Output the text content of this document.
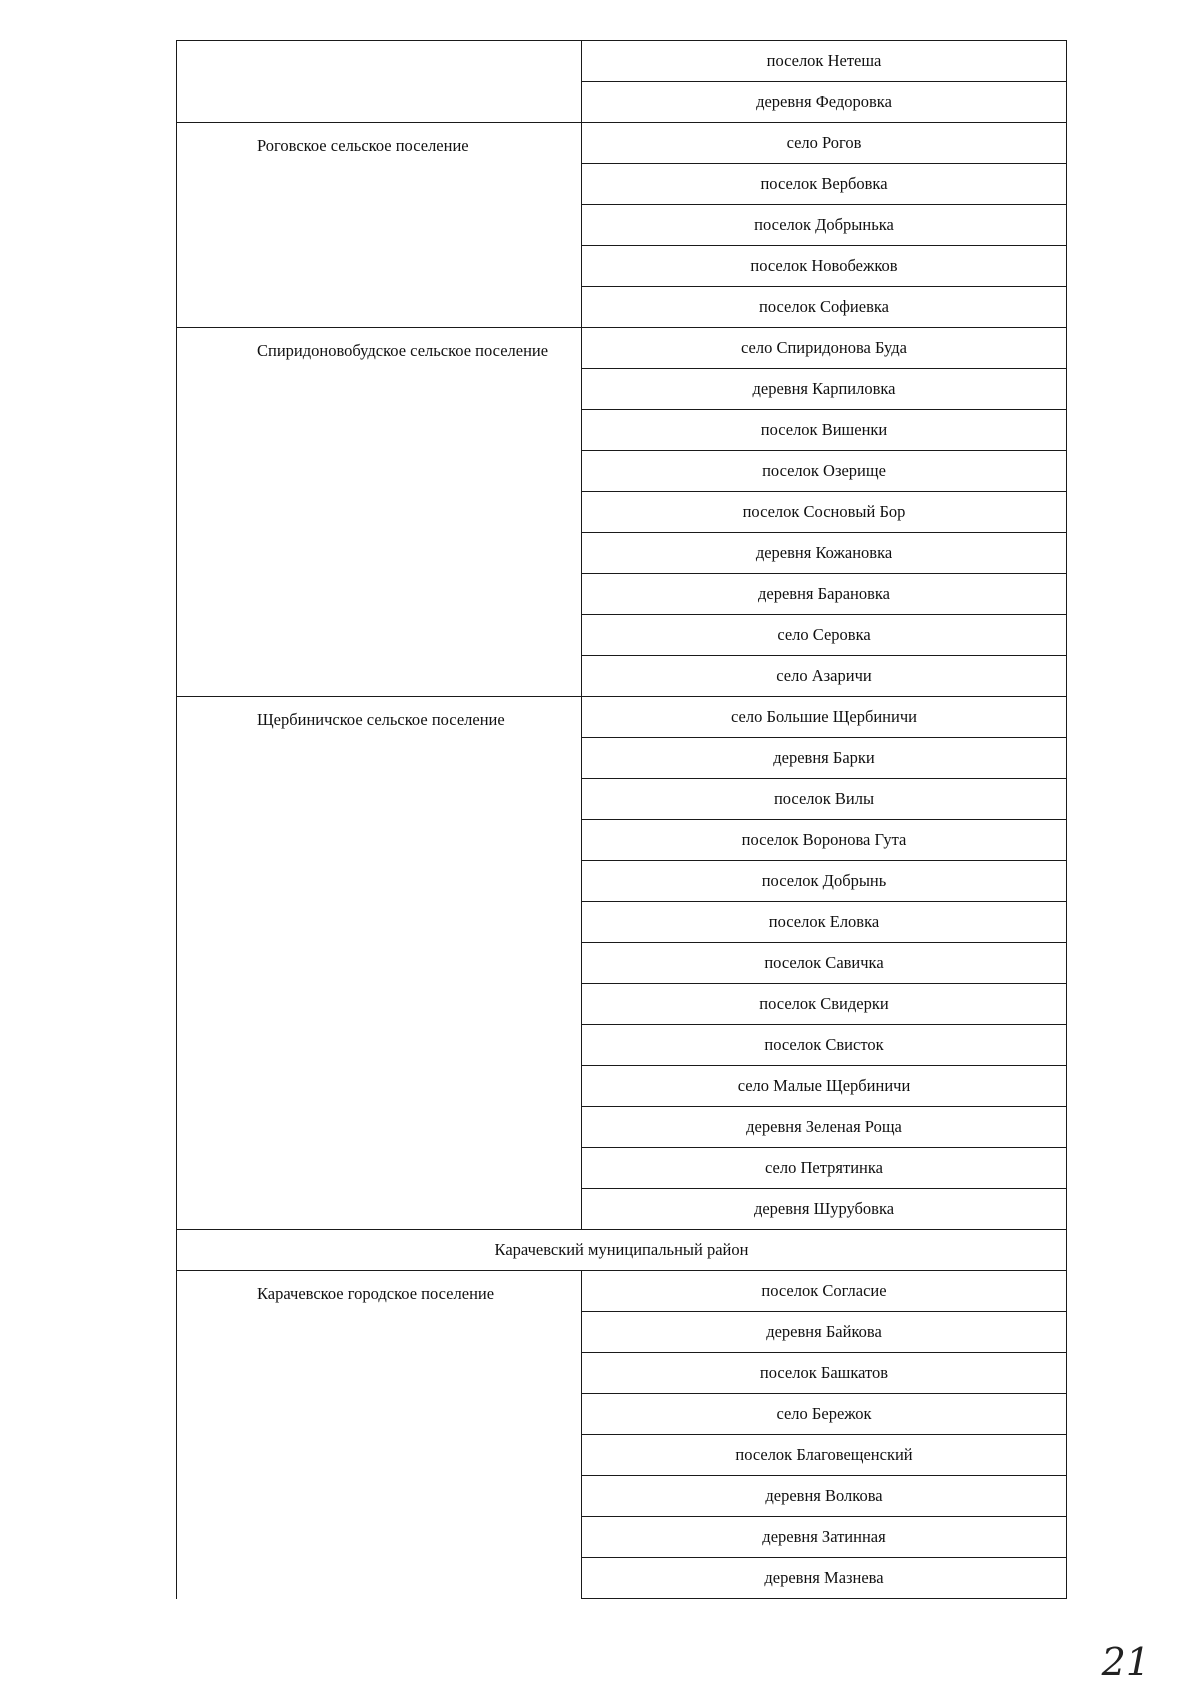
	поселок Нетеша
	деревня Федоровка
Роговское сельское поселение	село Рогов
	поселок Вербовка
	поселок Добрынька
	поселок Новобежков
	поселок Софиевка
Спиридоновобудское сельское поселение	село Спиридонова Буда
	деревня Карпиловка
	поселок Вишенки
	поселок Озерище
	поселок Сосновый Бор
	деревня Кожановка
	деревня Барановка
	село Серовка
	село Азаричи
Щербиничское сельское поселение	село Большие Щербиничи
	деревня Барки
	поселок Вилы
	поселок Воронова Гута
	поселок Добрынь
	поселок Еловка
	поселок Савичка
	поселок Свидерки
	поселок Свисток
	село Малые Щербиничи
	деревня Зеленая Роща
	село Петрятинка
	деревня Шурубовка
Карачевский муниципальный район	
Карачевское городское поселение	поселок Согласие
	деревня Байкова
	поселок Башкатов
	село Бережок
	поселок Благовещенский
	деревня Волкова
	деревня Затинная
	деревня Мазнева
21
